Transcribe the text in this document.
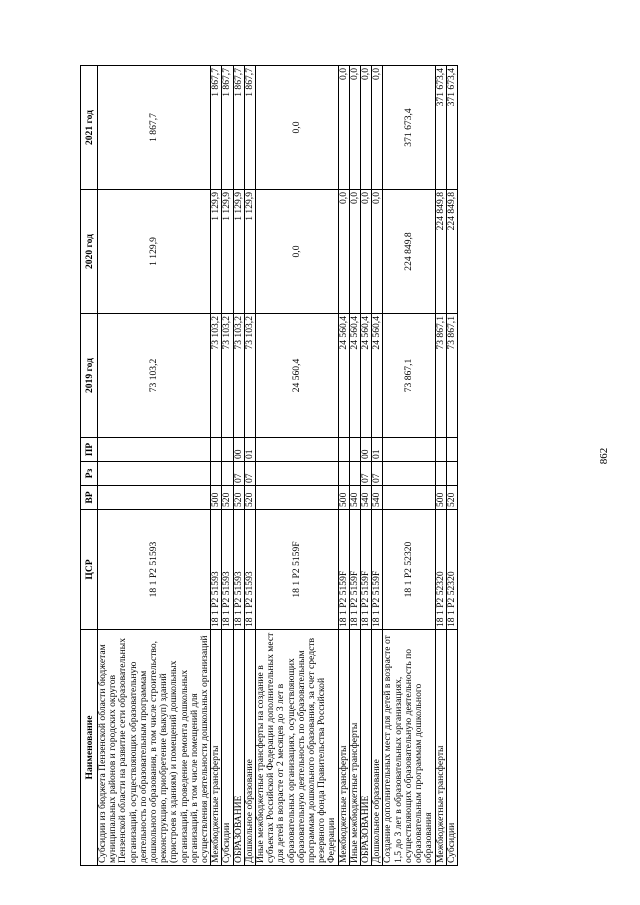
862
Наименование	ЦСР	ВР	Рз	ПР	2019 год	2020 год	2021 год
Субсидии из бюджета Пензенской области бюджетам муниципальных районов и городских округов Пензенской области на развитие сети образовательных организаций, осуществляющих образовательную деятельность по образовательным программам дошкольного образования, в том числе строительство, реконструкцию, приобретение (выкуп) зданий (пристроев к зданиям) и помещений дошкольных организаций, проведение ремонта дошкольных организаций, в том числе помещений для осуществления деятельности дошкольных организаций	18 1 P2 51593				73 103,2	1 129,9	1 867,7
Межбюджетные трансферты	18 1 P2 51593	500			73 103,2	1 129,9	1 867,7
Субсидии	18 1 P2 51593	520			73 103,2	1 129,9	1 867,7
ОБРАЗОВАНИЕ	18 1 P2 51593	520	07	00	73 103,2	1 129,9	1 867,7
Дошкольное образование	18 1 P2 51593	520	07	01	73 103,2	1 129,9	1 867,7
Иные межбюджетные трансферты на создание в субъектах Российской Федерации дополнительных мест для детей в возрасте от 2 месяцев до 3 лет в образовательных организациях, осуществляющих образовательную деятельность по образовательным программам дошкольного образования, за счет средств резервного фонда Правительства Российской Федерации	18 1 P2 5159F				24 560,4	0,0	0,0
Межбюджетные трансферты	18 1 P2 5159F	500			24 560,4	0,0	0,0
Иные межбюджетные трансферты	18 1 P2 5159F	540			24 560,4	0,0	0,0
ОБРАЗОВАНИЕ	18 1 P2 5159F	540	07	00	24 560,4	0,0	0,0
Дошкольное образование	18 1 P2 5159F	540	07	01	24 560,4	0,0	0,0
Создание дополнительных мест для детей в возрасте от 1,5 до 3 лет в образовательных организациях, осуществляющих образовательную деятельность по образовательным программам дошкольного образования	18 1 P2 52320				73 867,1	224 849,8	371 673,4
Межбюджетные трансферты	18 1 P2 52320	500			73 867,1	224 849,8	371 673,4
Субсидии	18 1 P2 52320	520			73 867,1	224 849,8	371 673,4
